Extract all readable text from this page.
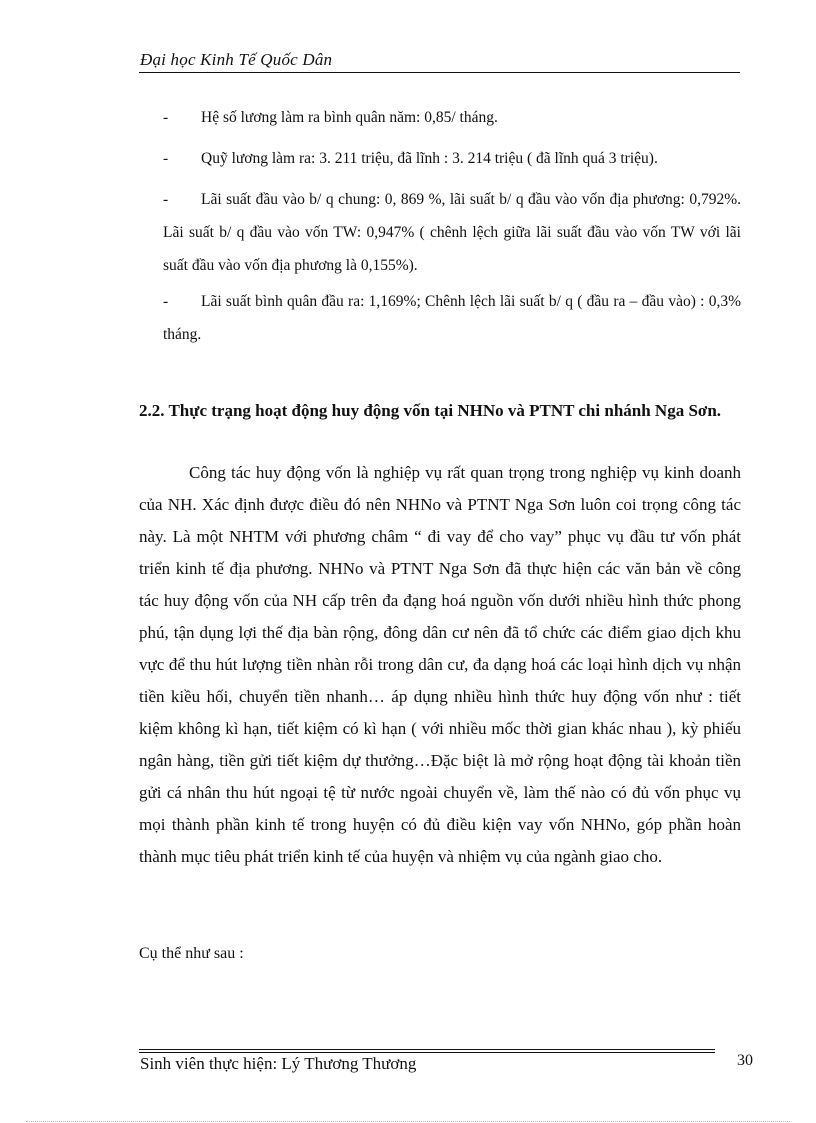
Đại học Kinh Tế Quốc Dân
-	Hệ số lương làm ra bình quân năm: 0,85/ tháng.
-	Quỹ lương làm ra: 3. 211 triệu, đã lĩnh : 3. 214 triệu ( đã lĩnh quá 3 triệu).
-	Lãi suất đầu vào b/ q chung: 0, 869 %, lãi suất b/ q đầu vào vốn địa phương: 0,792%. Lãi suất b/ q đầu vào vốn TW: 0,947% ( chênh lệch giữa lãi suất đầu vào vốn TW với lãi suất đầu vào vốn địa phương là 0,155%).
-	Lãi suất bình quân đầu ra: 1,169%; Chênh lệch lãi suất b/ q ( đầu ra – đầu vào) : 0,3% tháng.
2.2. Thực trạng hoạt động huy động vốn tại NHNo và PTNT chi nhánh Nga Sơn.
Công tác huy động vốn là nghiệp vụ rất quan trọng trong nghiệp vụ kinh doanh của NH. Xác định được điều đó nên NHNo và PTNT Nga Sơn luôn coi trọng công tác này. Là một NHTM với phương châm “ đi vay để cho vay” phục vụ đầu tư vốn phát triển kinh tế địa phương. NHNo và PTNT Nga Sơn đã thực hiện các văn bản về công tác huy động vốn của NH cấp trên đa đạng hoá nguồn vốn dưới nhiều hình thức phong phú, tận dụng lợi thế địa bàn rộng, đông dân cư nên đã tổ chức các điểm giao dịch khu vực để thu hút lượng tiền nhàn rỗi trong dân cư, đa dạng hoá các loại hình dịch vụ nhận tiền kiều hối, chuyển tiền nhanh… áp dụng nhiều hình thức huy động vốn như : tiết kiệm không kì hạn, tiết kiệm có kì hạn ( với nhiều mốc thời gian khác nhau ), kỳ phiếu ngân hàng, tiền gửi tiết kiệm dự thưởng…Đặc biệt là mở rộng hoạt động tài khoản tiền gửi cá nhân thu hút ngoại tệ từ nước ngoài chuyển về, làm thế nào có đủ vốn phục vụ mọi thành phần kinh tế trong huyện có đủ điều kiện vay vốn NHNo, góp phần hoàn thành mục tiêu phát triển kinh tế của huyện và nhiệm vụ của ngành giao cho.
Cụ thể như sau :
Sinh viên thực hiện: Lý Thương Thương	30
